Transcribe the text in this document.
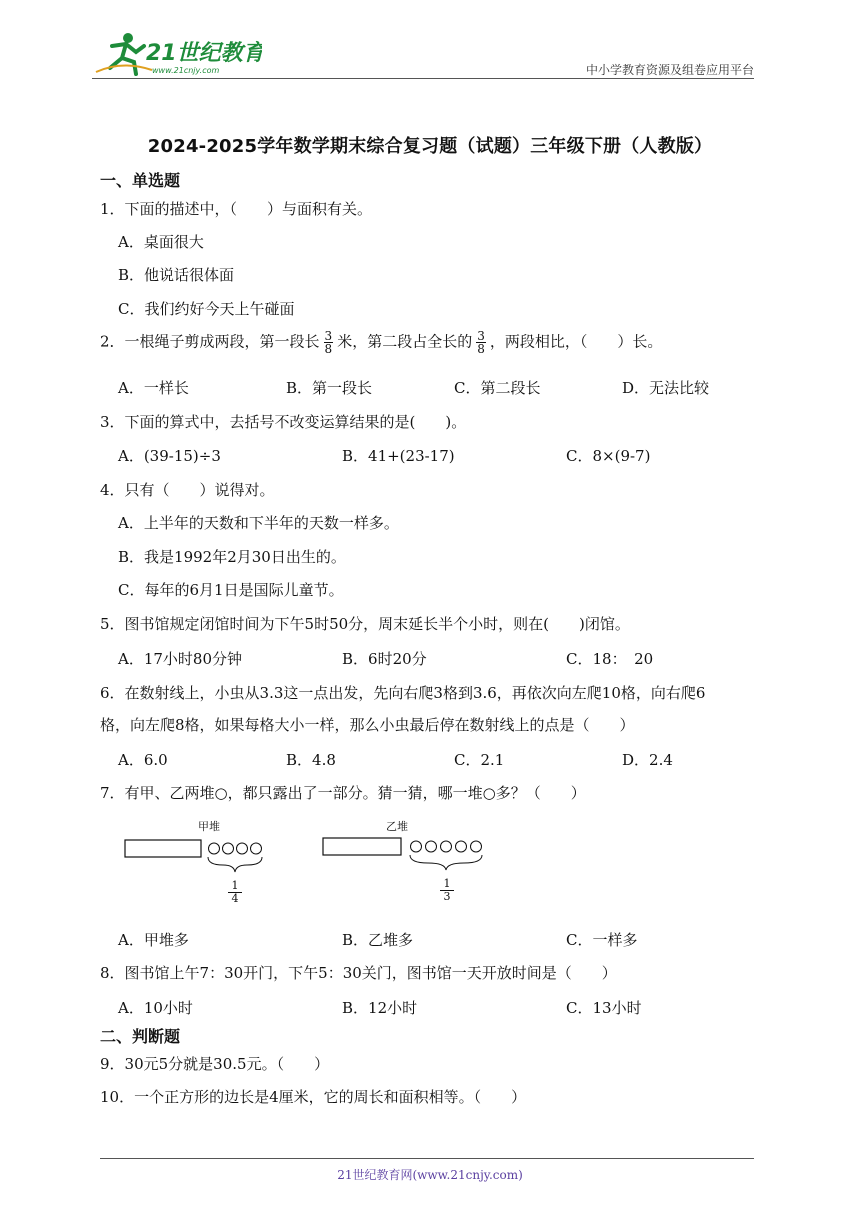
21世纪教育
www.21cnjy.com	中小学教育资源及组卷应用平台
2024-2025学年数学期末综合复习题（试题）三年级下册（人教版）
一、单选题
1．下面的描述中，（　　）与面积有关。
A．桌面很大
B．他说话很体面
C．我们约好今天上午碰面
2．一根绳子剪成两段，第一段长 $\frac{3}{8}$ 米，第二段占全长的 $\frac{3}{8}$ ，两段相比，（　　）长。
A．一样长	B．第一段长	C．第二段长	D．无法比较
3．下面的算式中，去括号不改变运算结果的是(　　)。
A．(39-15)÷3	B．41+(23-17)	C．8×(9-7)
4．只有（　　）说得对。
A．上半年的天数和下半年的天数一样多。
B．我是1992年2月30日出生的。
C．每年的6月1日是国际儿童节。
5．图书馆规定闭馆时间为下午5时50分，周末延长半个小时，则在(　　)闭馆。
A．17小时80分钟	B．6时20分	C．18：　20
6．在数射线上，小虫从3.3这一点出发，先向右爬3格到3.6，再依次向左爬10格，向右爬6
格，向左爬8格，如果每格大小一样，那么小虫最后停在数射线上的点是（　　）
A．6.0	B．4.8	C．2.1	D．2.4
7．有甲、乙两堆○，都只露出了一部分。猜一猜，哪一堆○多？（　　）
甲堆
$\frac{1}{4}$
乙堆
$\frac{1}{3}$
A．甲堆多	B．乙堆多	C．一样多
8．图书馆上午7：30开门，下午5：30关门，图书馆一天开放时间是（　　）
A．10小时	B．12小时	C．13小时
二、判断题
9．30元5分就是30.5元。（　　）
10．一个正方形的边长是4厘米，它的周长和面积相等。（　　）
21世纪教育网(www.21cnjy.com)
